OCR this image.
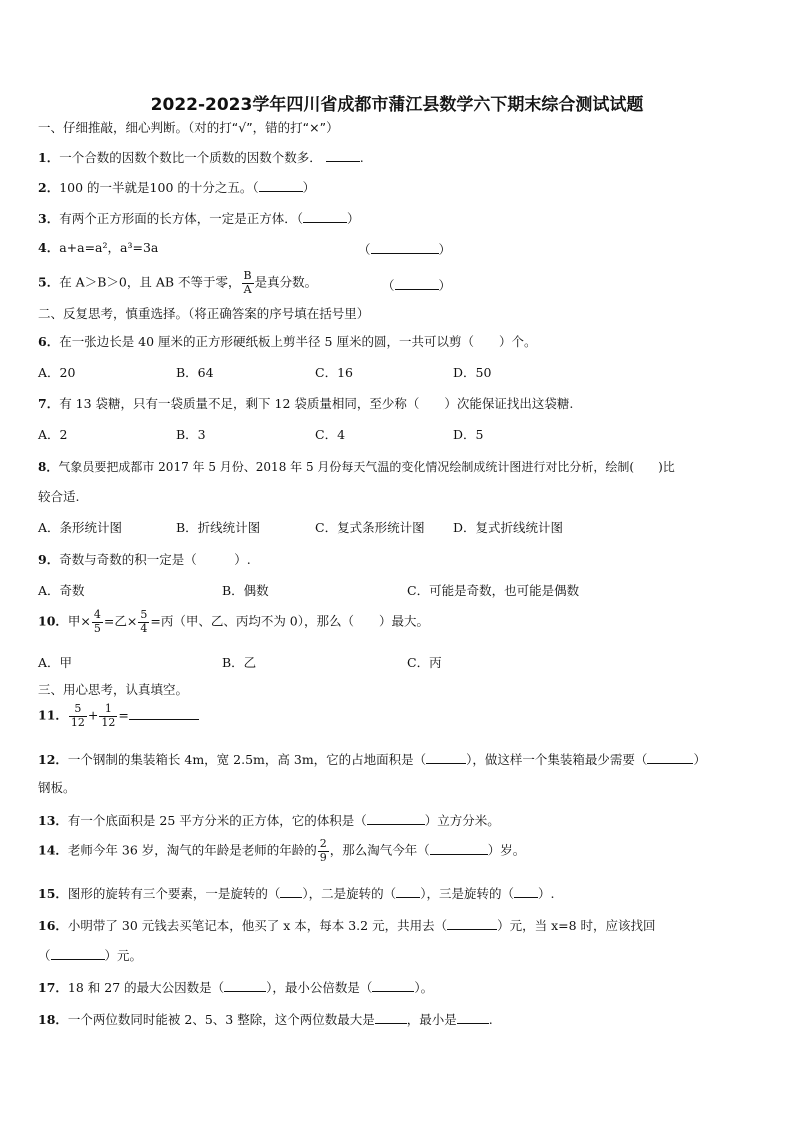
2022-2023学年四川省成都市蒲江县数学六下期末综合测试试题
一、仔细推敲，细心判断。（对的打“√”，错的打“×”）
1．一个合数的因数个数比一个质数的因数个数多．	.
2．100 的一半就是100 的十分之五。（	）
3．有两个正方形面的长方体，一定是正方体．（	）
4．a+a=a²，a³=3a	（	）
5．在 A＞B＞0，且 AB 不等于零， $\frac{B}{A}$ 是真分数。	（	）
二、反复思考，慎重选择。（将正确答案的序号填在括号里）
6．在一张边长是 40 厘米的正方形硬纸板上剪半径 5 厘米的圆，一共可以剪（　　）个。
A．20	B．64	C．16	D．50
7．有 13 袋糖，只有一袋质量不足，剩下 12 袋质量相同，至少称（　　）次能保证找出这袋糖.
A．2	B．3	C．4	D．5
8．气象员要把成都市 2017 年 5 月份、2018 年 5 月份每天气温的变化情况绘制成统计图进行对比分析，绘制(　　)比
较合适.
A．条形统计图	B．折线统计图	C．复式条形统计图 D．复式折线统计图
9．奇数与奇数的积一定是（　　　）.
A．奇数	B．偶数	C．可能是奇数，也可能是偶数
10．甲× $\frac{4}{5}$ =乙× $\frac{5}{4}$ =丙（甲、乙、丙均不为 0），那么（　　）最大。
A．甲	B．乙	C．丙
三、用心思考，认真填空。
11． $\frac{5}{12} + \frac{1}{12}$ =
12．一个钢制的集装箱长 4m，宽 2.5m，高 3m，它的占地面积是（	），做这样一个集装箱最少需要（	）
钢板。
13．有一个底面积是 25 平方分米的正方体，它的体积是（	）立方分米。
14．老师今年 36 岁，淘气的年龄是老师的年龄的 $\frac{2}{9}$ ，那么淘气今年（	）岁。
15．图形的旋转有三个要素，一是旋转的（ ），二是旋转的（ ），三是旋转的（ ）.
16．小明带了 30 元钱去买笔记本，他买了 x 本，每本 3.2 元，共用去（	）元，当 x=8 时，应该找回
（	）元。
17．18 和 27 的最大公因数是（	），最小公倍数是（	）。
18．一个两位数同时能被 2、5、3 整除，这个两位数最大是	，最小是	.
